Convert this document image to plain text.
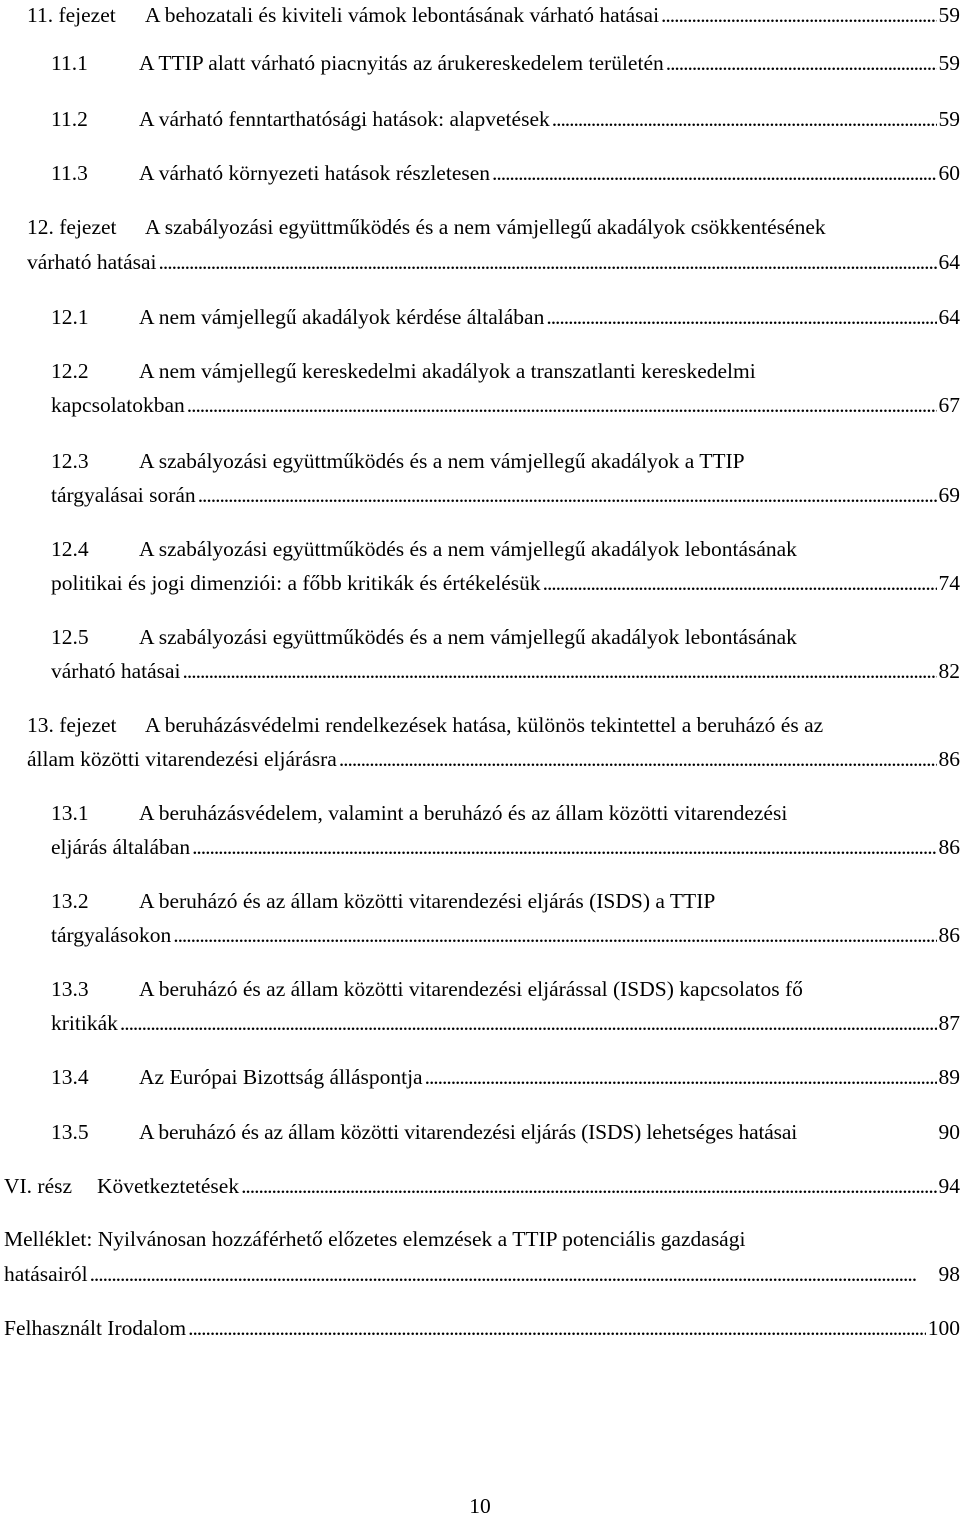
11. fejezet	A behozatali és kiviteli vámok lebontásának várható hatásai . . .	59
11.1	A TTIP alatt várható piacnyitás az árukereskedelem területén . . .	59
11.2	A várható fenntarthatósági hatások: alapvetések . . .	59
11.3	A várható környezeti hatások részletesen . . .	60
12. fejezet	A szabályozási együttműködés és a nem vámjellegű akadályok csökkentésének
várható hatásai . . .	64
12.1	A nem vámjellegű akadályok kérdése általában . . .	64
12.2	A nem vámjellegű kereskedelmi akadályok a transzatlanti kereskedelmi
kapcsolatokban . . .	67
12.3	A szabályozási együttműködés és a nem vámjellegű akadályok a TTIP
tárgyalásai során . . .	69
12.4	A szabályozási együttműködés és a nem vámjellegű akadályok lebontásának
politikai és jogi dimenziói: a főbb kritikák és értékelésük . . .	74
12.5	A szabályozási együttműködés és a nem vámjellegű akadályok lebontásának
várható hatásai . . .	82
13. fejezet	A beruházásvédelmi rendelkezések hatása, különös tekintettel a beruházó és az
állam közötti vitarendezési eljárásra . . .	86
13.1	A beruházásvédelem, valamint a beruházó és az állam közötti vitarendezési
eljárás általában . . .	86
13.2	A beruházó és az állam közötti vitarendezési eljárás (ISDS) a TTIP
tárgyalásokon . . .	86
13.3	A beruházó és az állam közötti vitarendezési eljárással (ISDS) kapcsolatos fő
kritikák . . .	87
13.4	Az Európai Bizottság álláspontja . . .	89
13.5	A beruházó és az állam közötti vitarendezési eljárás (ISDS) lehetséges hatásai	90
VI. rész	Következtetések . . .	94
Melléklet: Nyilvánosan hozzáférhető előzetes elemzések a TTIP potenciális gazdasági
hatásairól . . .	98
Felhasznált Irodalom . . .	100
10
